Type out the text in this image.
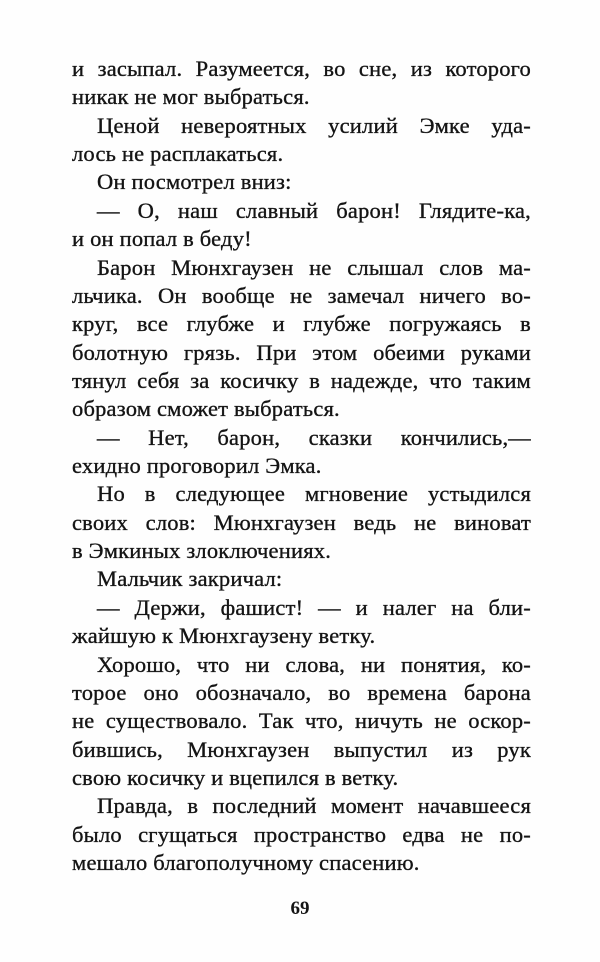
и засыпал. Разумеется, во сне, из которого
никак не мог выбраться.
Ценой невероятных усилий Эмке уда-
лось не расплакаться.
Он посмотрел вниз:
— О, наш славный барон! Глядите-ка,
и он попал в беду!
Барон Мюнхгаузен не слышал слов ма-
льчика. Он вообще не замечал ничего во-
круг, все глубже и глубже погружаясь в
болотную грязь. При этом обеими руками
тянул себя за косичку в надежде, что таким
образом сможет выбраться.
— Нет, барон, сказки кончились,—
ехидно проговорил Эмка.
Но в следующее мгновение устыдился
своих слов: Мюнхгаузен ведь не виноват
в Эмкиных злоключениях.
Мальчик закричал:
— Держи, фашист! — и налег на бли-
жайшую к Мюнхгаузену ветку.
Хорошо, что ни слова, ни понятия, ко-
торое оно обозначало, во времена барона
не существовало. Так что, ничуть не оскор-
бившись, Мюнхгаузен выпустил из рук
свою косичку и вцепился в ветку.
Правда, в последний момент начавшееся
было сгущаться пространство едва не по-
мешало благополучному спасению.
69
